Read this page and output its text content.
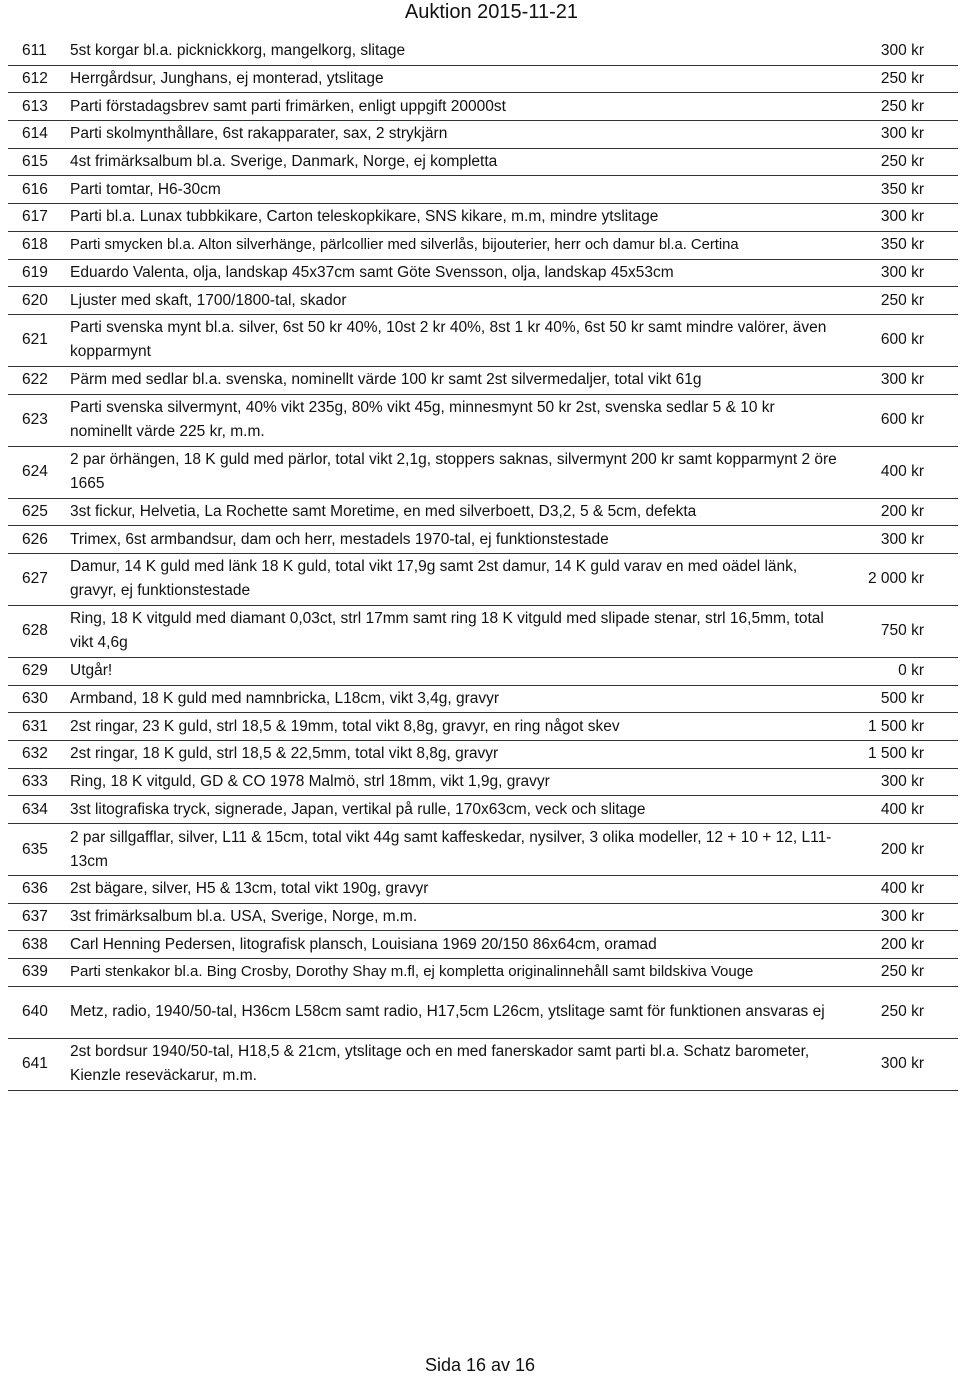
Auktion 2015-11-21
611	5st korgar bl.a. picknickkorg, mangelkorg, slitage	300 kr
612	Herrgårdsur, Junghans, ej monterad, ytslitage	250 kr
613	Parti förstadagsbrev samt parti frimärken, enligt uppgift 20000st	250 kr
614	Parti skolmynthållare, 6st rakapparater, sax, 2 strykjärn	300 kr
615	4st frimärksalbum bl.a. Sverige, Danmark, Norge, ej kompletta	250 kr
616	Parti tomtar, H6-30cm	350 kr
617	Parti bl.a. Lunax tubbkikare, Carton teleskopkikare, SNS kikare, m.m, mindre ytslitage	300 kr
618	Parti smycken bl.a. Alton silverhänge, pärlcollier med silverlås, bijouterier, herr och damur bl.a. Certina	350 kr
619	Eduardo Valenta, olja, landskap 45x37cm samt Göte Svensson, olja, landskap 45x53cm	300 kr
620	Ljuster med skaft, 1700/1800-tal, skador	250 kr
621	Parti svenska mynt bl.a. silver, 6st 50 kr 40%, 10st 2 kr 40%, 8st 1 kr 40%, 6st 50 kr samt mindre valörer, även kopparmynt	600 kr
622	Pärm med sedlar bl.a. svenska, nominellt värde 100 kr samt 2st silvermedaljer, total vikt 61g	300 kr
623	Parti svenska silvermynt, 40% vikt 235g, 80% vikt 45g, minnesmynt 50 kr 2st, svenska sedlar 5 & 10 kr nominellt värde 225 kr, m.m.	600 kr
624	2 par örhängen, 18 K guld med pärlor, total vikt 2,1g, stoppers saknas, silvermynt 200 kr samt kopparmynt 2 öre 1665	400 kr
625	3st fickur, Helvetia, La Rochette samt Moretime, en med silverboett, D3,2, 5 & 5cm, defekta	200 kr
626	Trimex, 6st armbandsur, dam och herr, mestadels 1970-tal, ej funktionstestade	300 kr
627	Damur, 14 K guld med länk 18 K guld, total vikt 17,9g samt 2st damur, 14 K guld varav en med oädel länk, gravyr, ej funktionstestade	2 000 kr
628	Ring, 18 K vitguld med diamant 0,03ct, strl 17mm samt ring 18 K vitguld med slipade stenar, strl 16,5mm, total vikt 4,6g	750 kr
629	Utgår!	0 kr
630	Armband, 18 K guld med namnbricka, L18cm, vikt 3,4g, gravyr	500 kr
631	2st ringar, 23 K guld, strl 18,5 & 19mm, total vikt 8,8g, gravyr, en ring något skev	1 500 kr
632	2st ringar, 18 K guld, strl 18,5 & 22,5mm, total vikt 8,8g, gravyr	1 500 kr
633	Ring, 18 K vitguld, GD & CO 1978 Malmö, strl 18mm, vikt 1,9g, gravyr	300 kr
634	3st litografiska tryck, signerade, Japan, vertikal på rulle, 170x63cm, veck och slitage	400 kr
635	2 par sillgafflar, silver, L11 & 15cm, total vikt 44g samt kaffeskedar, nysilver, 3 olika modeller, 12 + 10 + 12, L11-13cm	200 kr
636	2st bägare, silver, H5 & 13cm, total vikt 190g, gravyr	400 kr
637	3st frimärksalbum bl.a. USA, Sverige, Norge, m.m.	300 kr
638	Carl Henning Pedersen, litografisk plansch, Louisiana 1969 20/150 86x64cm, oramad	200 kr
639	Parti stenkakor bl.a. Bing Crosby, Dorothy Shay m.fl, ej kompletta originalinnehåll samt bildskiva Vouge	250 kr
640	Metz, radio, 1940/50-tal, H36cm L58cm samt radio, H17,5cm L26cm, ytslitage samt för funktionen ansvaras ej	250 kr
641	2st bordsur 1940/50-tal, H18,5 & 21cm, ytslitage och en med fanerskador samt parti bl.a. Schatz barometer, Kienzle reseväckarur, m.m.	300 kr
Sida 16 av 16
